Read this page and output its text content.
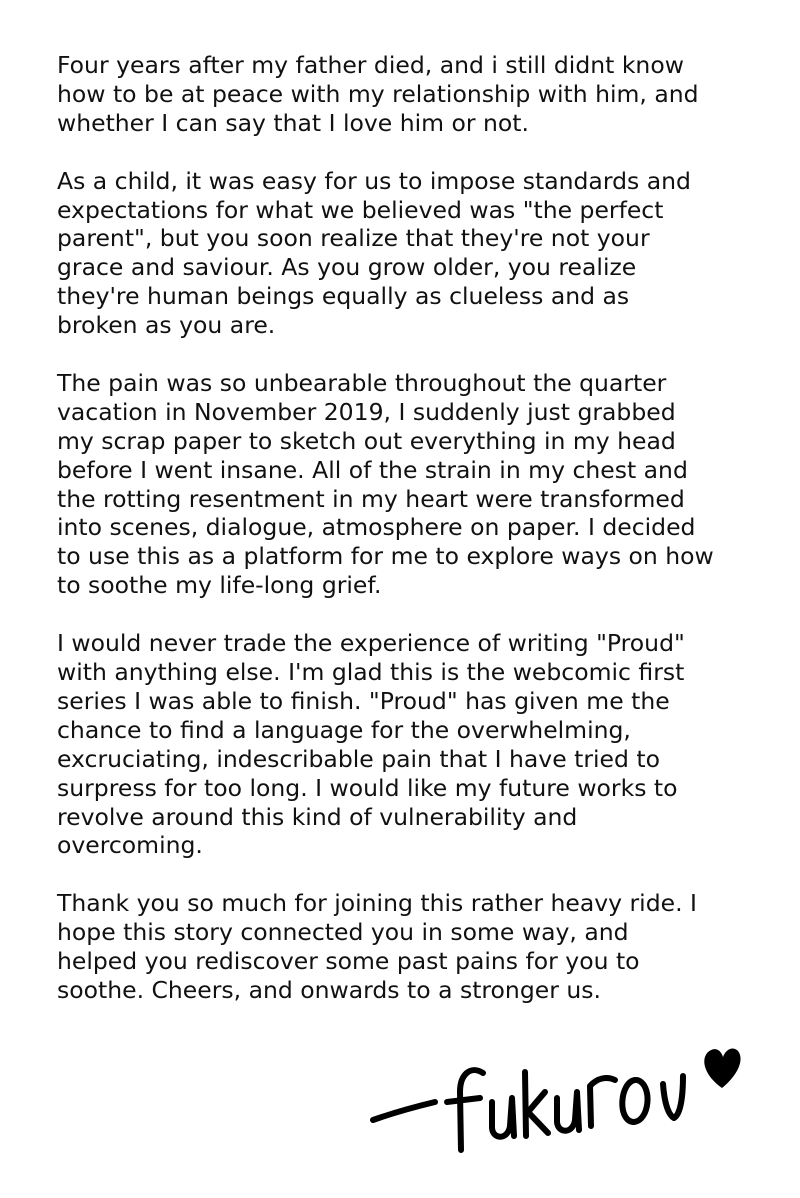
Four years after my father died, and i still didnt know
how to be at peace with my relationship with him, and
whether I can say that I love him or not.

As a child, it was easy for us to impose standards and
expectations for what we believed was "the perfect
parent", but you soon realize that they're not your
grace and saviour. As you grow older, you realize
they're human beings equally as clueless and as
broken as you are.

The pain was so unbearable throughout the quarter
vacation in November 2019, I suddenly just grabbed
my scrap paper to sketch out everything in my head
before I went insane. All of the strain in my chest and
the rotting resentment in my heart were transformed
into scenes, dialogue, atmosphere on paper. I decided
to use this as a platform for me to explore ways on how
to soothe my life-long grief.

I would never trade the experience of writing "Proud"
with anything else. I'm glad this is the webcomic first
series I was able to finish. "Proud" has given me the
chance to find a language for the overwhelming,
excruciating, indescribable pain that I have tried to
surpress for too long. I would like my future works to
revolve around this kind of vulnerability and
overcoming.

Thank you so much for joining this rather heavy ride. I
hope this story connected you in some way, and
helped you rediscover some past pains for you to
soothe. Cheers, and onwards to a stronger us.
